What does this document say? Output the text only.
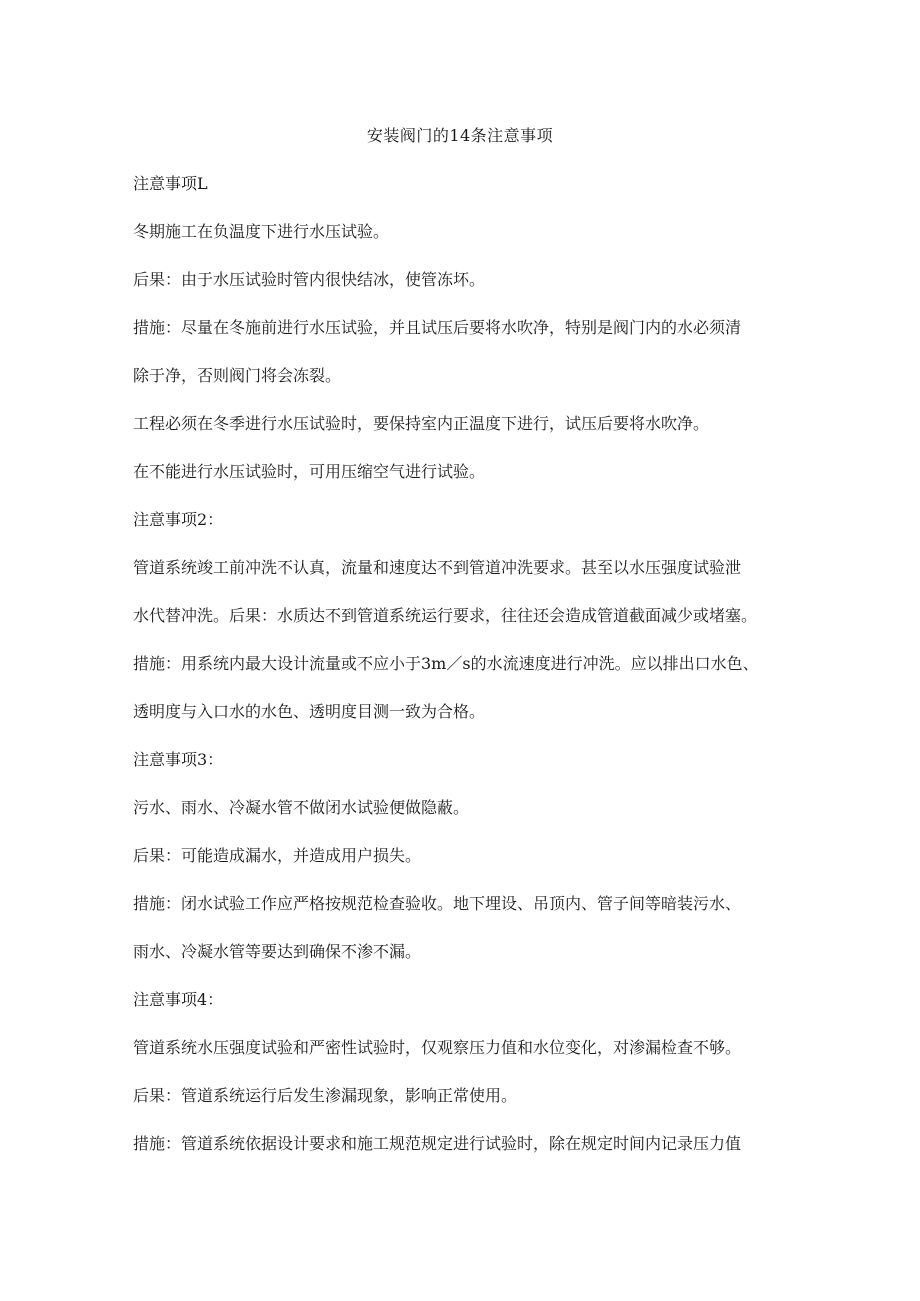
安装阀门的14条注意事项
注意事项L
冬期施工在负温度下进行水压试验。
后果：由于水压试验时管内很快结冰，使管冻坏。
措施：尽量在冬施前进行水压试验，并且试压后要将水吹净，特别是阀门内的水必须清
除于净，否则阀门将会冻裂。
工程必须在冬季进行水压试验时，要保持室内正温度下进行，试压后要将水吹净。
在不能进行水压试验时，可用压缩空气进行试验。
注意事项2：
管道系统竣工前冲洗不认真，流量和速度达不到管道冲洗要求。甚至以水压强度试验泄
水代替冲洗。后果：水质达不到管道系统运行要求，往往还会造成管道截面减少或堵塞。
措施：用系统内最大设计流量或不应小于3m／s的水流速度进行冲洗。应以排出口水色、
透明度与入口水的水色、透明度目测一致为合格。
注意事项3：
污水、雨水、冷凝水管不做闭水试验便做隐蔽。
后果：可能造成漏水，并造成用户损失。
措施：闭水试验工作应严格按规范检查验收。地下埋设、吊顶内、管子间等暗装污水、
雨水、冷凝水管等要达到确保不渗不漏。
注意事项4：
管道系统水压强度试验和严密性试验时，仅观察压力值和水位变化，对渗漏检查不够。
后果：管道系统运行后发生渗漏现象，影响正常使用。
措施：管道系统依据设计要求和施工规范规定进行试验时，除在规定时间内记录压力值
